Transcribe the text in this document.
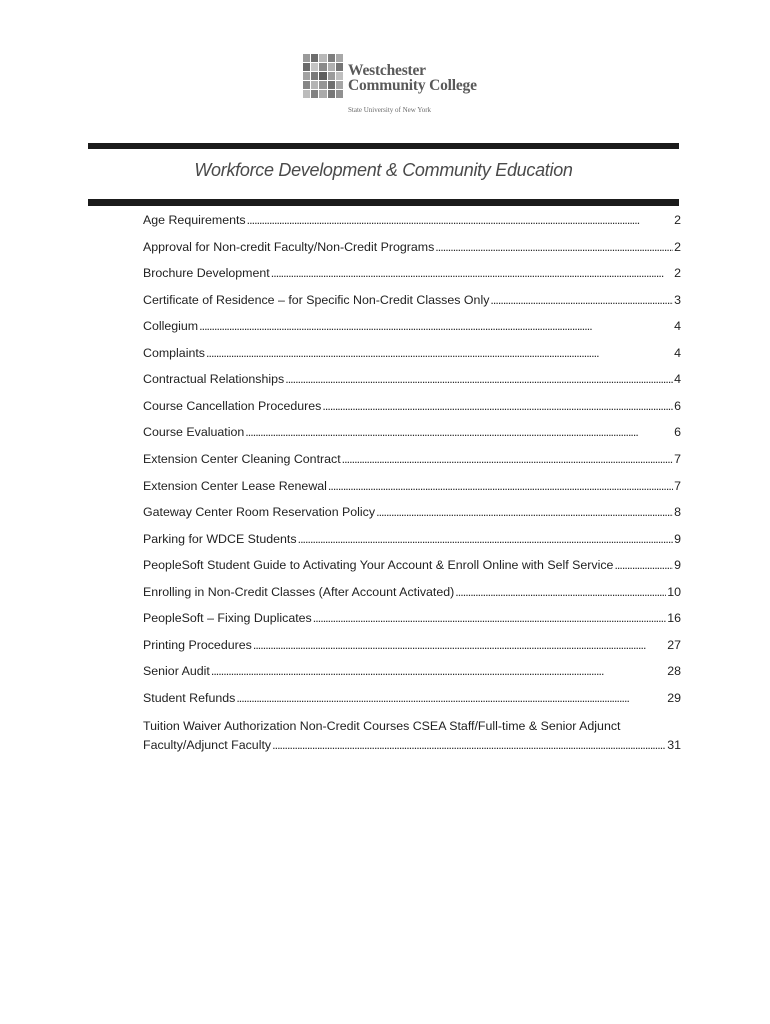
Westchester
Community College
State University of New York
Workforce Development & Community Education
Age Requirements . . .	2
Approval for Non-credit Faculty/Non-Credit Programs . . .	2
Brochure Development . . .	2
Certificate of Residence – for Specific Non-Credit Classes Only . . .	3
Collegium . . .	4
Complaints . . .	4
Contractual Relationships . . .	4
Course Cancellation Procedures . . .	6
Course Evaluation . . .	6
Extension Center Cleaning Contract . . .	7
Extension Center Lease Renewal . . .	7
Gateway Center Room Reservation Policy . . .	8
Parking for WDCE Students . . .	9
PeopleSoft Student Guide to Activating Your Account & Enroll Online with Self Service . . .	9
Enrolling in Non-Credit Classes (After Account Activated) . . .	10
PeopleSoft – Fixing Duplicates . . .	16
Printing Procedures . . .	27
Senior Audit . . .	28
Student Refunds . . .	29
Tuition Waiver Authorization Non-Credit Courses CSEA Staff/Full-time & Senior Adjunct
Faculty/Adjunct Faculty . . .	31
